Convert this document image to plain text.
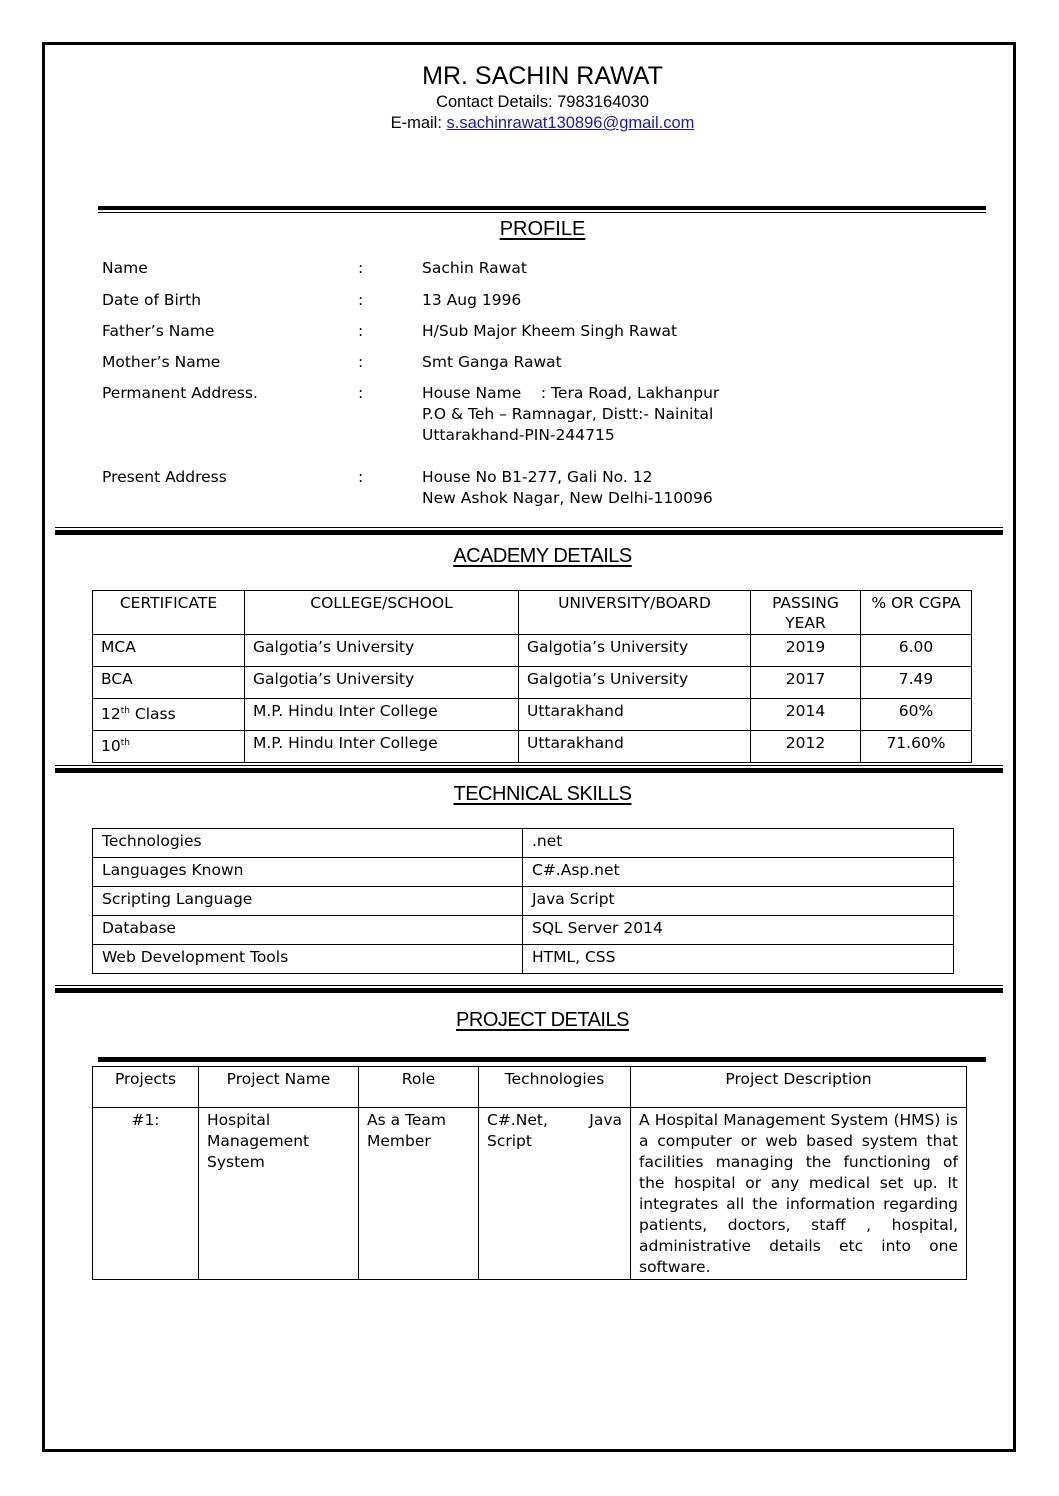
MR. SACHIN RAWAT
Contact Details: 7983164030
E-mail: s.sachinrawat130896@gmail.com
PROFILE
Name	:	Sachin Rawat
Date of Birth	:	13 Aug 1996
Father’s Name	:	H/Sub Major Kheem Singh Rawat
Mother’s Name	:	Smt Ganga Rawat
Permanent Address.	:	House Name    : Tera Road, Lakhanpur
P.O & Teh – Ramnagar, Distt:- Nainital
Uttarakhand-PIN-244715
Present Address	:	House No B1-277, Gali No. 12
New Ashok Nagar, New Delhi-110096
ACADEMY DETAILS
CERTIFICATE	COLLEGE/SCHOOL	UNIVERSITY/BOARD	PASSING YEAR	% OR CGPA
MCA	Galgotia’s University	Galgotia’s University	2019	6.00
BCA	Galgotia’s University	Galgotia’s University	2017	7.49
12th Class	M.P. Hindu Inter College	Uttarakhand	2014	60%
10th	M.P. Hindu Inter College	Uttarakhand	2012	71.60%
TECHNICAL SKILLS
Technologies	.net
Languages Known	C#.Asp.net
Scripting Language	Java Script
Database	SQL Server 2014
Web Development Tools	HTML, CSS
PROJECT DETAILS
Projects	Project Name	Role	Technologies	Project Description
#1:	Hospital Management System	As a Team Member	C#.Net,    Java Script	A Hospital Management System (HMS) is a computer or web based system that facilities managing the functioning of the hospital or any medical set up. It integrates all the information regarding patients, doctors, staff , hospital, administrative details etc into one software.
